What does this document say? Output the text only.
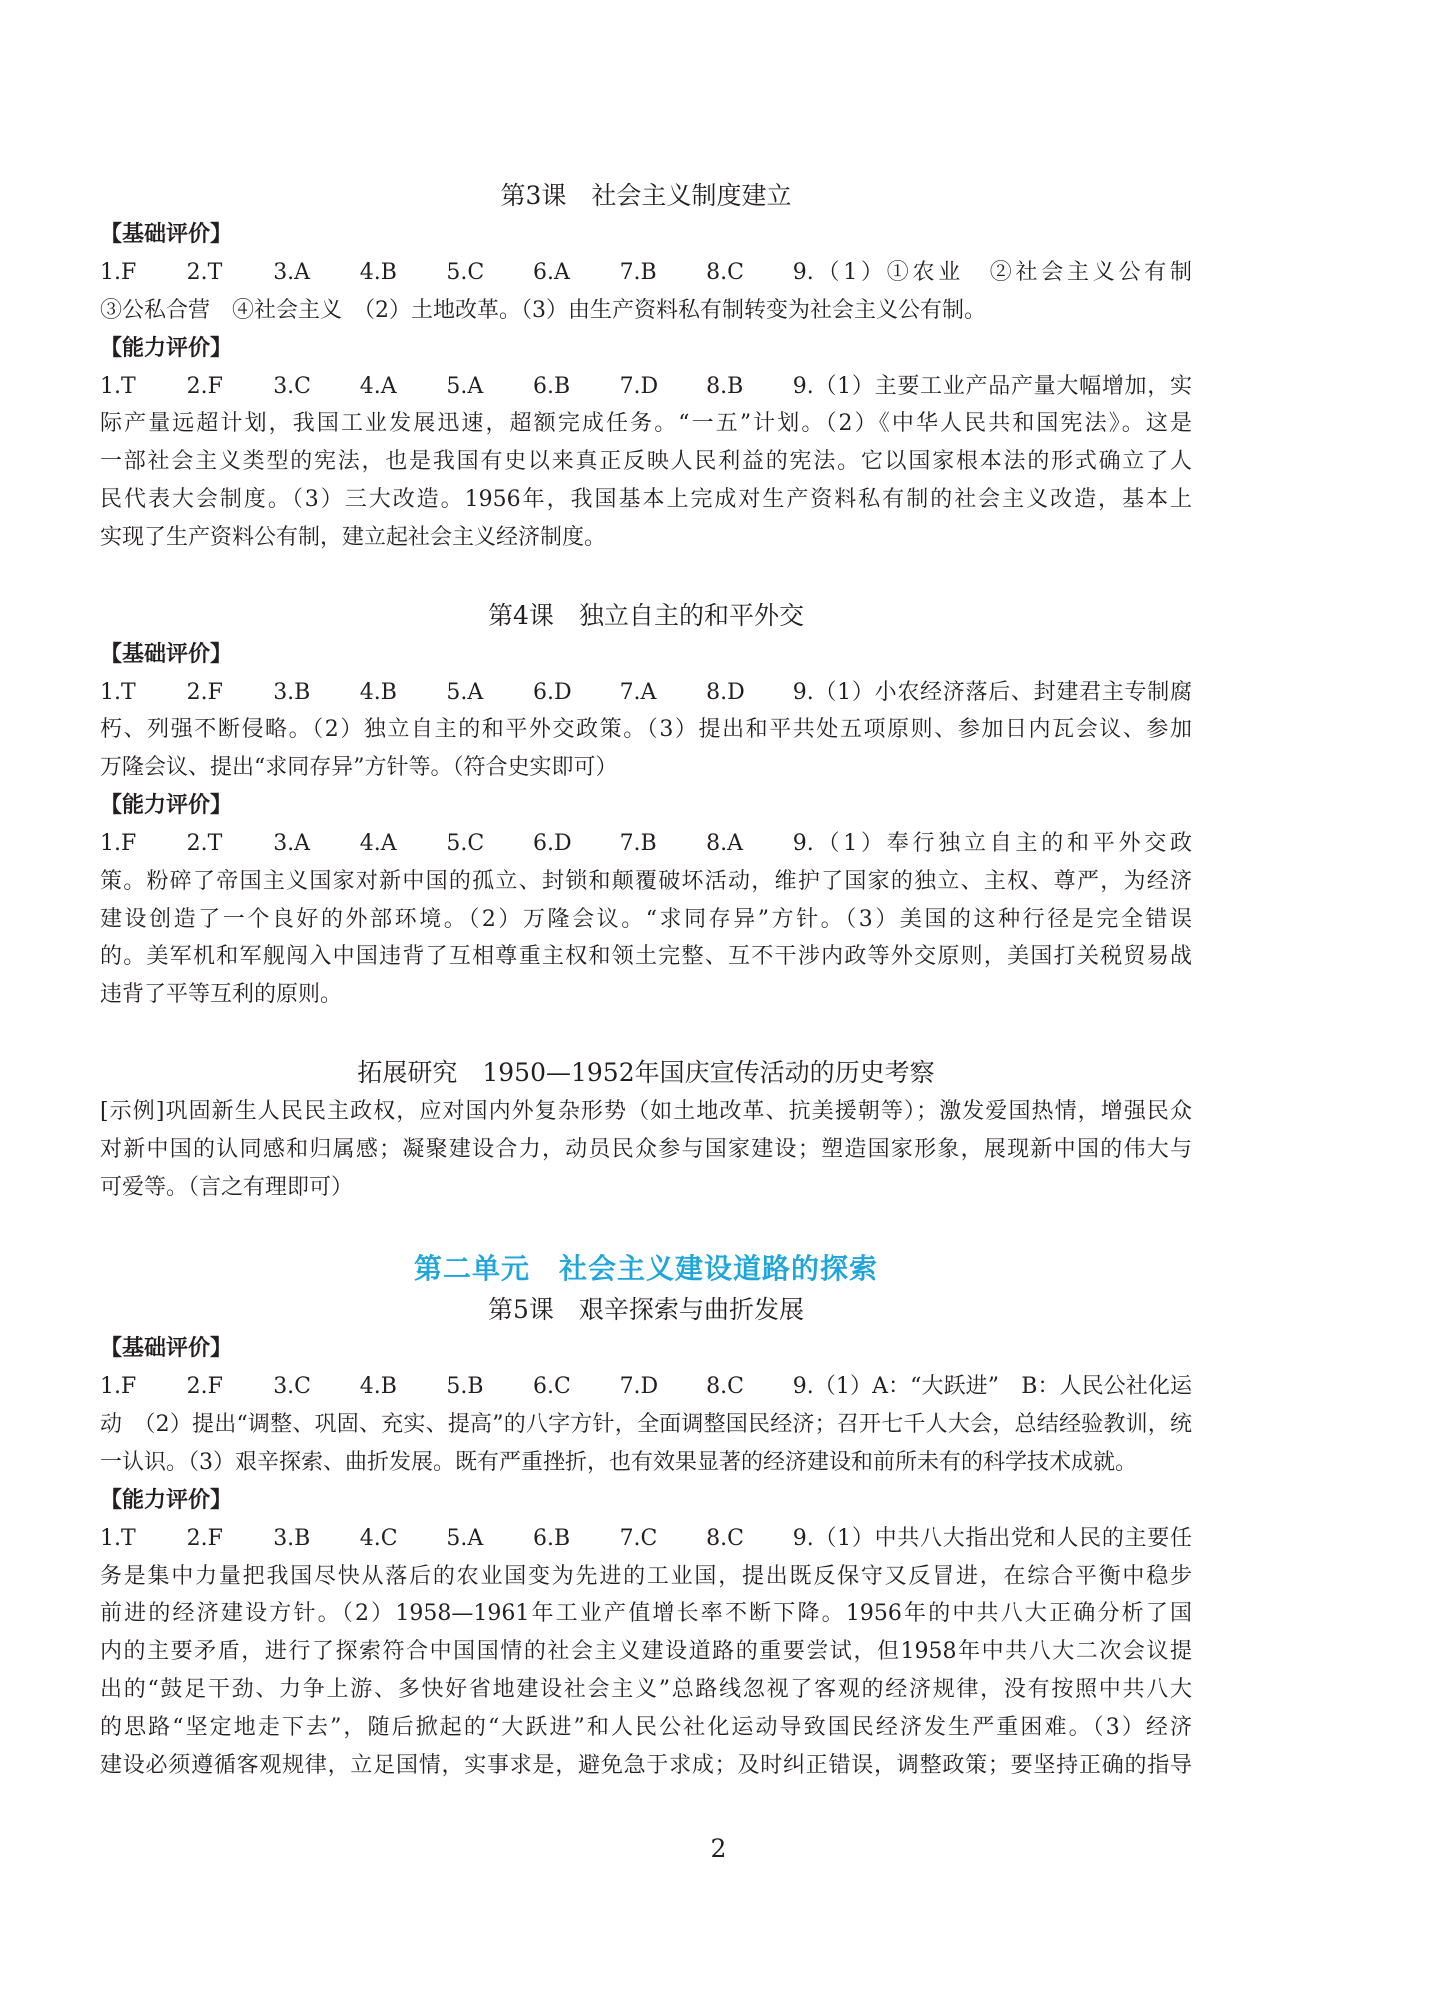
第3课　社会主义制度建立
【基础评价】
1.F	2.T	3.A	4.B	5.C	6.A	7.B	8.C	9.（1）①农业　②社会主义公有制
③公私合营　④社会主义　（2）土地改革。（3）由生产资料私有制转变为社会主义公有制。
【能力评价】
1.T	2.F	3.C	4.A	5.A	6.B	7.D	8.B	9.（1）主要工业产品产量大幅增加，实
际产量远超计划，我国工业发展迅速，超额完成任务。“一五”计划。（2）《中华人民共和国宪法》。这是
一部社会主义类型的宪法，也是我国有史以来真正反映人民利益的宪法。它以国家根本法的形式确立了人
民代表大会制度。（3）三大改造。1956年，我国基本上完成对生产资料私有制的社会主义改造，基本上
实现了生产资料公有制，建立起社会主义经济制度。
第4课　独立自主的和平外交
【基础评价】
1.T	2.F	3.B	4.B	5.A	6.D	7.A	8.D	9.（1）小农经济落后、封建君主专制腐
朽、列强不断侵略。（2）独立自主的和平外交政策。（3）提出和平共处五项原则、参加日内瓦会议、参加
万隆会议、提出“求同存异”方针等。（符合史实即可）
【能力评价】
1.F	2.T	3.A	4.A	5.C	6.D	7.B	8.A	9.（1）奉行独立自主的和平外交政
策。粉碎了帝国主义国家对新中国的孤立、封锁和颠覆破坏活动，维护了国家的独立、主权、尊严，为经济
建设创造了一个良好的外部环境。（2）万隆会议。“求同存异”方针。（3）美国的这种行径是完全错误
的。美军机和军舰闯入中国违背了互相尊重主权和领土完整、互不干涉内政等外交原则，美国打关税贸易战
违背了平等互利的原则。
拓展研究　1950—1952年国庆宣传活动的历史考察
[示例]巩固新生人民民主政权，应对国内外复杂形势（如土地改革、抗美援朝等）；激发爱国热情，增强民众
对新中国的认同感和归属感；凝聚建设合力，动员民众参与国家建设；塑造国家形象，展现新中国的伟大与
可爱等。（言之有理即可）
第二单元　社会主义建设道路的探索
第5课　艰辛探索与曲折发展
【基础评价】
1.F	2.F	3.C	4.B	5.B	6.C	7.D	8.C	9.（1）A：“大跃进”　B：人民公社化运
动　（2）提出“调整、巩固、充实、提高”的八字方针，全面调整国民经济；召开七千人大会，总结经验教训，统
一认识。（3）艰辛探索、曲折发展。既有严重挫折，也有效果显著的经济建设和前所未有的科学技术成就。
【能力评价】
1.T	2.F	3.B	4.C	5.A	6.B	7.C	8.C	9.（1）中共八大指出党和人民的主要任
务是集中力量把我国尽快从落后的农业国变为先进的工业国，提出既反保守又反冒进，在综合平衡中稳步
前进的经济建设方针。（2）1958—1961年工业产值增长率不断下降。1956年的中共八大正确分析了国
内的主要矛盾，进行了探索符合中国国情的社会主义建设道路的重要尝试，但1958年中共八大二次会议提
出的“鼓足干劲、力争上游、多快好省地建设社会主义”总路线忽视了客观的经济规律，没有按照中共八大
的思路“坚定地走下去”，随后掀起的“大跃进”和人民公社化运动导致国民经济发生严重困难。（3）经济
建设必须遵循客观规律，立足国情，实事求是，避免急于求成；及时纠正错误，调整政策；要坚持正确的指导
2
